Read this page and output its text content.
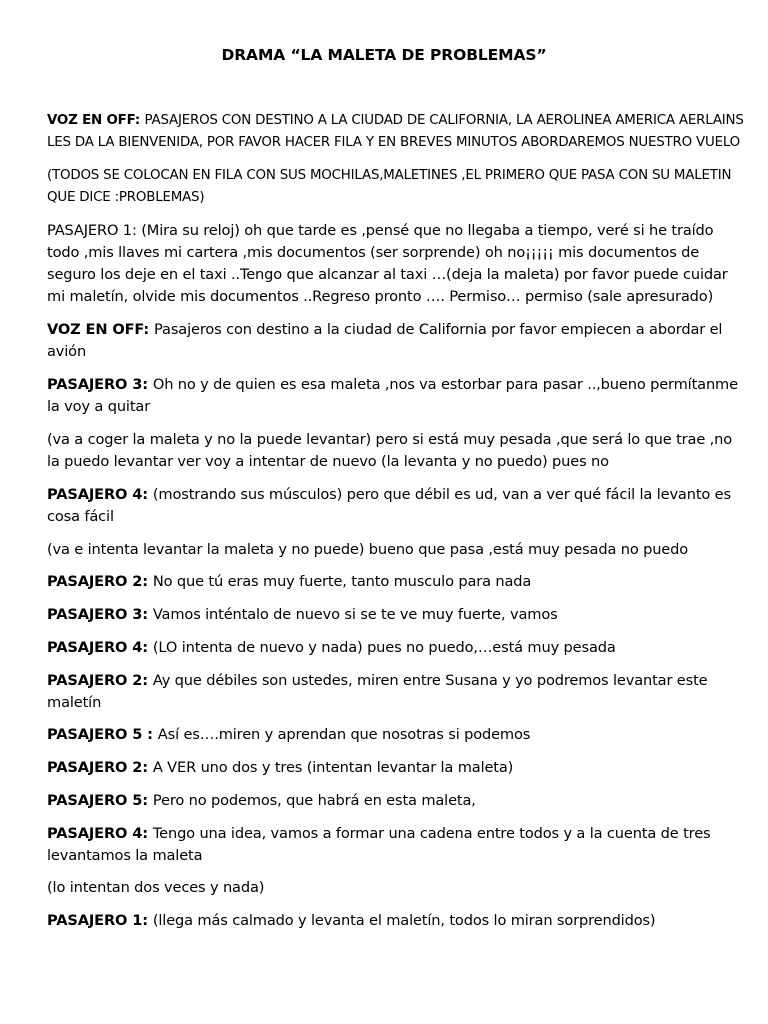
DRAMA “LA MALETA DE PROBLEMAS”

VOZ EN OFF: PASAJEROS CON DESTINO A LA CIUDAD DE CALIFORNIA, LA AEROLINEA AMERICA AERLAINS LES DA LA BIENVENIDA, POR FAVOR HACER FILA Y EN BREVES MINUTOS ABORDAREMOS NUESTRO VUELO

(TODOS SE COLOCAN EN FILA CON SUS MOCHILAS,MALETINES ,EL PRIMERO QUE PASA CON SU MALETIN QUE DICE :PROBLEMAS)

PASAJERO 1: (Mira su reloj) oh que tarde es ,pensé que no llegaba a tiempo, veré si he traído todo ,mis llaves mi cartera ,mis documentos (ser sorprende) oh no¡¡¡¡¡ mis documentos de seguro los deje en el taxi ..Tengo que alcanzar al taxi …(deja la maleta) por favor puede cuidar mi maletín, olvide mis documentos ..Regreso pronto …. Permiso… permiso (sale apresurado)

VOZ EN OFF: Pasajeros con destino a la ciudad de California por favor empiecen a abordar el avión

PASAJERO 3: Oh no y de quien es esa maleta ,nos va estorbar para pasar ..,bueno permítanme la voy a quitar

(va a coger la maleta y no la puede levantar) pero si está muy pesada ,que será lo que trae ,no la puedo levantar ver voy a intentar de nuevo (la levanta y no puedo) pues no

PASAJERO 4: (mostrando sus músculos) pero que débil es ud, van a ver qué fácil la levanto es cosa fácil

(va e intenta levantar la maleta y no puede) bueno que pasa ,está muy pesada no puedo

PASAJERO 2: No que tú eras muy fuerte, tanto musculo para nada

PASAJERO 3: Vamos inténtalo de nuevo si se te ve muy fuerte, vamos

PASAJERO 4: (LO intenta de nuevo y nada) pues no puedo,…está muy pesada

PASAJERO 2: Ay que débiles son ustedes, miren entre Susana y yo podremos levantar este maletín

PASAJERO 5 : Así es….miren y aprendan que nosotras si podemos

PASAJERO 2: A VER uno dos y tres (intentan levantar la maleta)

PASAJERO 5: Pero no podemos, que habrá en esta maleta,

PASAJERO 4: Tengo una idea, vamos a formar una cadena entre todos y a la cuenta de tres levantamos la maleta

(lo intentan dos veces y nada)

PASAJERO 1: (llega más calmado y levanta el maletín, todos lo miran sorprendidos)
